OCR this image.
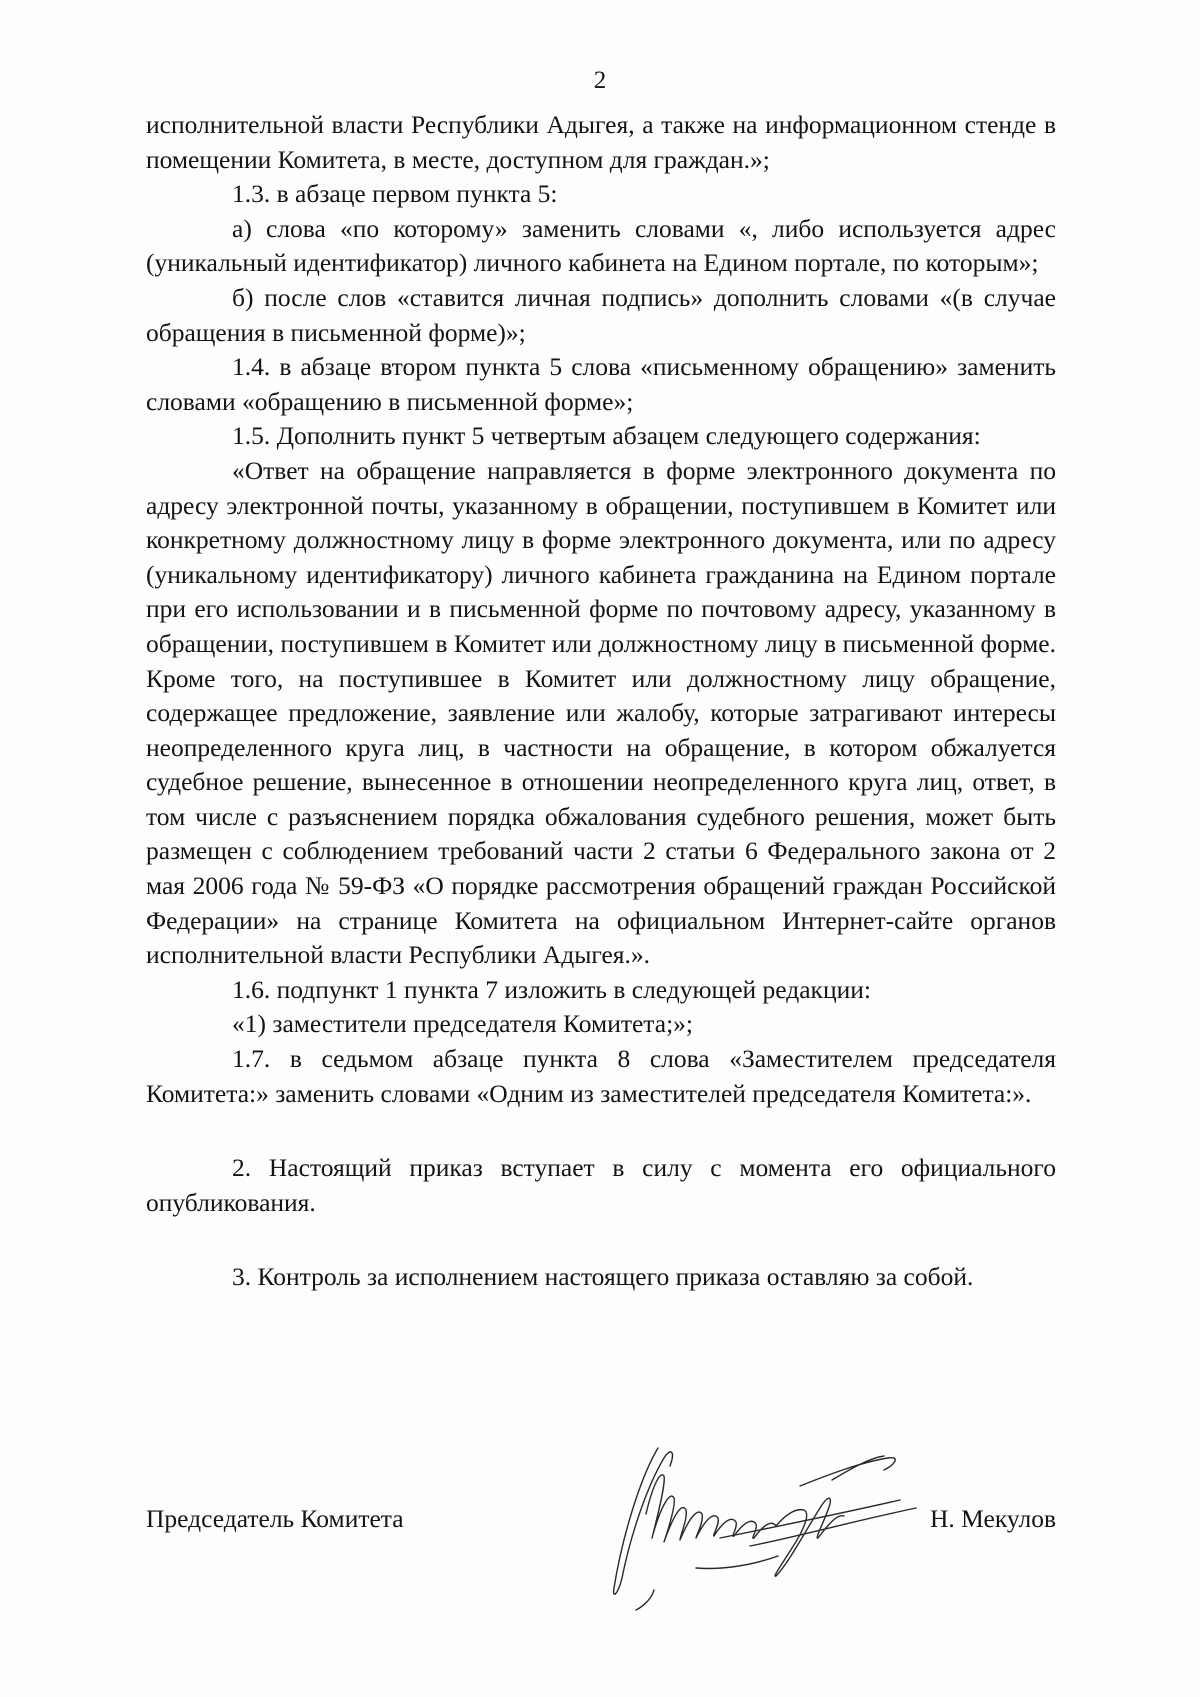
2

исполнительной власти Республики Адыгея, а также на информационном стенде в помещении Комитета, в месте, доступном для граждан.»;

1.3. в абзаце первом пункта 5:

а) слова «по которому» заменить словами «, либо используется адрес (уникальный идентификатор) личного кабинета на Едином портале, по которым»;

б) после слов «ставится личная подпись» дополнить словами «(в случае обращения в письменной форме)»;

1.4. в абзаце втором пункта 5 слова «письменному обращению» заменить словами «обращению в письменной форме»;

1.5. Дополнить пункт 5 четвертым абзацем следующего содержания:

«Ответ на обращение направляется в форме электронного документа по адресу электронной почты, указанному в обращении, поступившем в Комитет или конкретному должностному лицу в форме электронного документа, или по адресу (уникальному идентификатору) личного кабинета гражданина на Едином портале при его использовании и в письменной форме по почтовому адресу, указанному в обращении, поступившем в Комитет или должностному лицу в письменной форме. Кроме того, на поступившее в Комитет или должностному лицу обращение, содержащее предложение, заявление или жалобу, которые затрагивают интересы неопределенного круга лиц, в частности на обращение, в котором обжалуется судебное решение, вынесенное в отношении неопределенного круга лиц, ответ, в том числе с разъяснением порядка обжалования судебного решения, может быть размещен с соблюдением требований части 2 статьи 6 Федерального закона от 2 мая 2006 года № 59-ФЗ «О порядке рассмотрения обращений граждан Российской Федерации» на странице Комитета на официальном Интернет-сайте органов исполнительной власти Республики Адыгея.».

1.6. подпункт 1 пункта 7 изложить в следующей редакции:

«1) заместители председателя Комитета;»;

1.7. в седьмом абзаце пункта 8 слова «Заместителем председателя Комитета:» заменить словами «Одним из заместителей председателя Комитета:».

2. Настоящий приказ вступает в силу с момента его официального опубликования.

3. Контроль за исполнением настоящего приказа оставляю за собой.

Председатель Комитета	Н. Мекулов
